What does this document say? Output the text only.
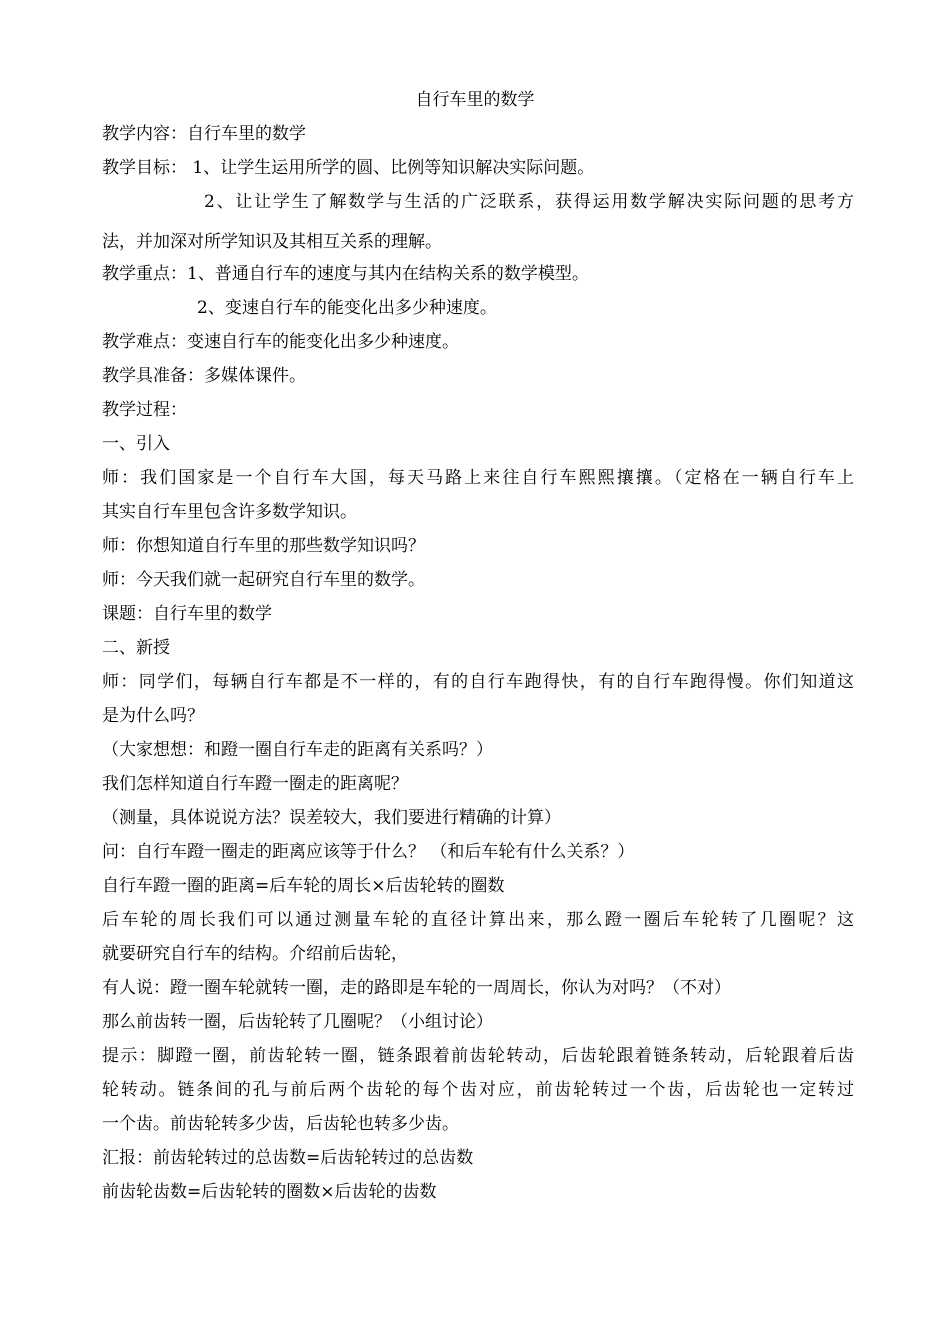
自行车里的数学
教学内容：自行车里的数学
教学目标： 1、让学生运用所学的圆、比例等知识解决实际问题。
2、让让学生了解数学与生活的广泛联系，获得运用数学解决实际问题的思考方
法，并加深对所学知识及其相互关系的理解。
教学重点：1、普通自行车的速度与其内在结构关系的数学模型。
2、变速自行车的能变化出多少种速度。
教学难点：变速自行车的能变化出多少种速度。
教学具准备：多媒体课件。
教学过程：
一、引入
师：我们国家是一个自行车大国，每天马路上来往自行车熙熙攘攘。（定格在一辆自行车上
其实自行车里包含许多数学知识。
师：你想知道自行车里的那些数学知识吗？
师：今天我们就一起研究自行车里的数学。
课题：自行车里的数学
二、新授
师：同学们，每辆自行车都是不一样的，有的自行车跑得快，有的自行车跑得慢。你们知道这
是为什么吗？
（大家想想：和蹬一圈自行车走的距离有关系吗？）
我们怎样知道自行车蹬一圈走的距离呢？
（测量，具体说说方法？误差较大，我们要进行精确的计算）
问：自行车蹬一圈走的距离应该等于什么？ （和后车轮有什么关系？）
自行车蹬一圈的距离=后车轮的周长×后齿轮转的圈数
后车轮的周长我们可以通过测量车轮的直径计算出来，那么蹬一圈后车轮转了几圈呢？这
就要研究自行车的结构。介绍前后齿轮，
有人说：蹬一圈车轮就转一圈，走的路即是车轮的一周周长，你认为对吗？（不对）
那么前齿转一圈，后齿轮转了几圈呢？（小组讨论）
提示：脚蹬一圈，前齿轮转一圈，链条跟着前齿轮转动，后齿轮跟着链条转动，后轮跟着后齿
轮转动。链条间的孔与前后两个齿轮的每个齿对应，前齿轮转过一个齿，后齿轮也一定转过
一个齿。前齿轮转多少齿，后齿轮也转多少齿。
汇报：前齿轮转过的总齿数=后齿轮转过的总齿数
前齿轮齿数=后齿轮转的圈数×后齿轮的齿数
